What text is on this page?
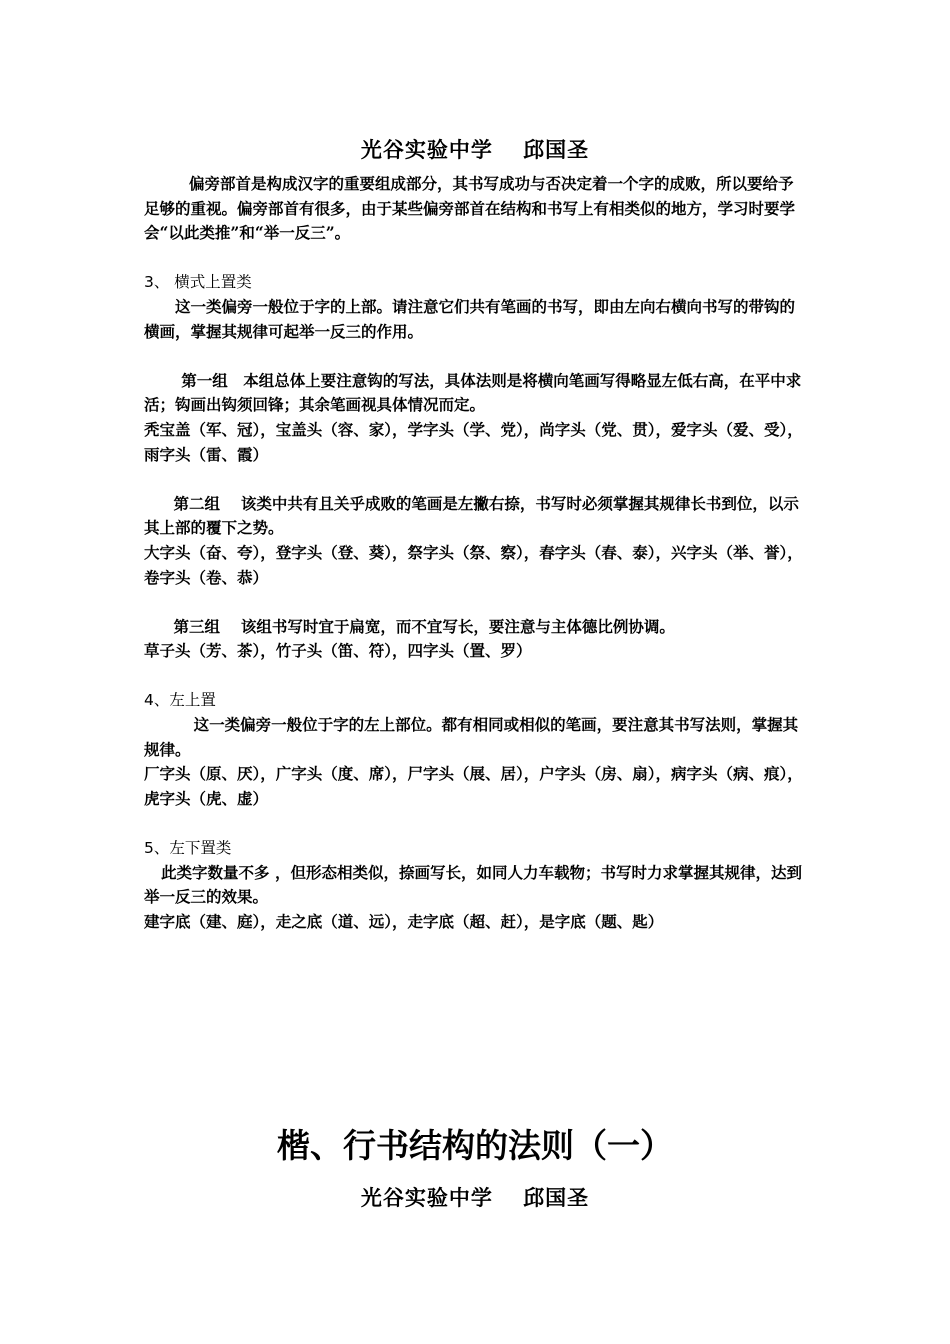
光谷实验中学　 邱国圣

偏旁部首是构成汉字的重要组成部分，其书写成功与否决定着一个字的成败，所以要给予足够的重视。偏旁部首有很多，由于某些偏旁部首在结构和书写上有相类似的地方，学习时要学会“以此类推”和“举一反三”。

3、 横式上置类

这一类偏旁一般位于字的上部。请注意它们共有笔画的书写，即由左向右横向书写的带钩的横画，掌握其规律可起举一反三的作用。

第一组　 本组总体上要注意钩的写法，具体法则是将横向笔画写得略显左低右高，在平中求活；钩画出钩须回锋；其余笔画视具体情况而定。

秃宝盖（军、冠），宝盖头（容、家），学字头（学、党），尚字头（党、贯），爱字头（爱、受），雨字头（雷、霞）

第二组　 该类中共有且关乎成败的笔画是左撇右捺，书写时必须掌握其规律长书到位，以示其上部的覆下之势。

大字头（奋、夸），登字头（登、葵），祭字头（祭、察），春字头（春、泰），兴字头（举、誉），卷字头（卷、恭）

第三组　 该组书写时宜于扁宽，而不宜写长，要注意与主体德比例协调。

草子头（芳、茶），竹子头（笛、符），四字头（置、罗）

4、左上置

这一类偏旁一般位于字的左上部位。都有相同或相似的笔画，要注意其书写法则，掌握其规律。

厂字头（原、厌），广字头（度、席），尸字头（展、居），户字头（房、扇），病字头（病、痕），虎字头（虎、虚）

5、左下置类

此类字数量不多 ，但形态相类似，捺画写长，如同人力车载物；书写时力求掌握其规律，达到举一反三的效果。

建字底（建、庭），走之底（道、远），走字底（超、赶），是字底（题、匙）

楷、行书结构的法则（一）
光谷实验中学　 邱国圣
